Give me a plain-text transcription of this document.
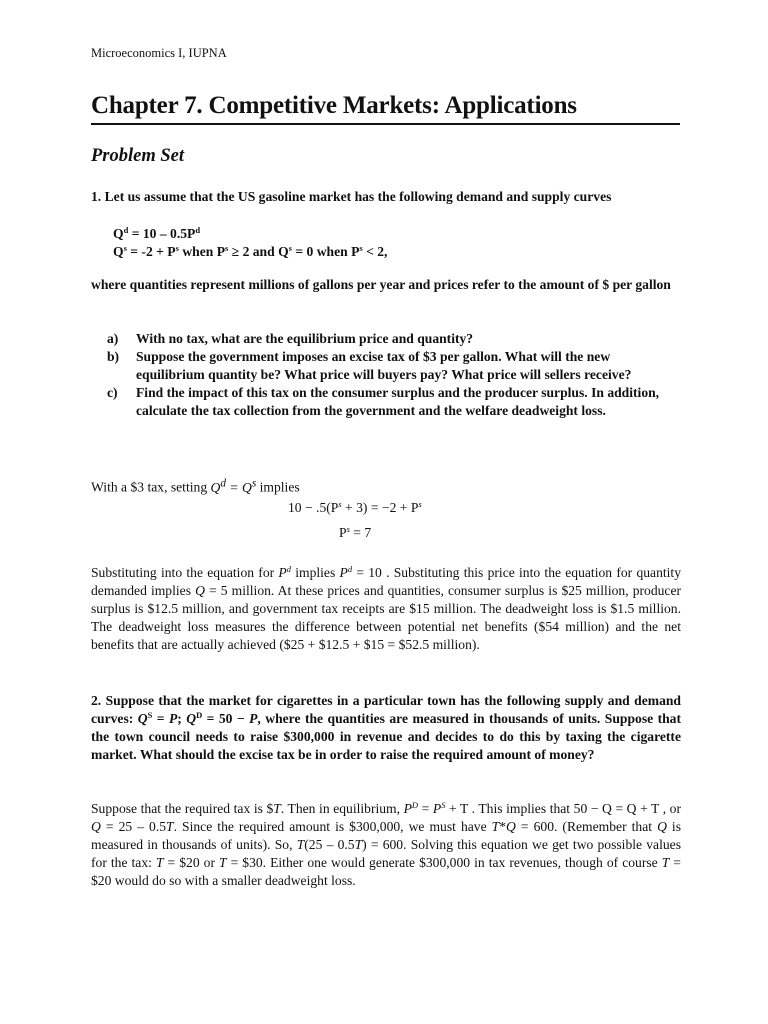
Microeconomics I, IUPNA
Chapter 7. Competitive Markets: Applications
Problem Set
1. Let us assume that the US gasoline market has the following demand and supply curves
$Q^d = 10 - 0.5P^d$
$Q^s = -2 + P^s$ when $P^s \ge 2$ and $Q^s = 0$ when $P^s < 2$,
where quantities represent millions of gallons per year and prices refer to the amount of $ per gallon
a) With no tax, what are the equilibrium price and quantity?
b) Suppose the government imposes an excise tax of $3 per gallon. What will the new equilibrium quantity be? What price will buyers pay? What price will sellers receive?
c) Find the impact of this tax on the consumer surplus and the producer surplus. In addition, calculate the tax collection from the government and the welfare deadweight loss.
With a $3 tax, setting $Q^d = Q^s$ implies
$10 - .5(P^s + 3) = -2 + P^s$
$P^s = 7$
Substituting into the equation for $P^d$ implies $P^d = 10$ . Substituting this price into the equation for quantity demanded implies Q = 5 million. At these prices and quantities, consumer surplus is $25 million, producer surplus is $12.5 million, and government tax receipts are $15 million. The deadweight loss is $1.5 million. The deadweight loss measures the difference between potential net benefits ($54 million) and the net benefits that are actually achieved ($25 + $12.5 + $15 = $52.5 million).
2. Suppose that the market for cigarettes in a particular town has the following supply and demand curves: $Q^S = P$; $Q^D = 50 - P$, where the quantities are measured in thousands of units. Suppose that the town council needs to raise $300,000 in revenue and decides to do this by taxing the cigarette market. What should the excise tax be in order to raise the required amount of money?
Suppose that the required tax is $T. Then in equilibrium, $P^D = P^S + T$ . This implies that 50 − Q = Q + T , or Q = 25 – 0.5T. Since the required amount is $300,000, we must have T*Q = 600. (Remember that Q is measured in thousands of units). So, T(25 – 0.5T) = 600. Solving this equation we get two possible values for the tax: T = $20 or T = $30. Either one would generate $300,000 in tax revenues, though of course T = $20 would do so with a smaller deadweight loss.
